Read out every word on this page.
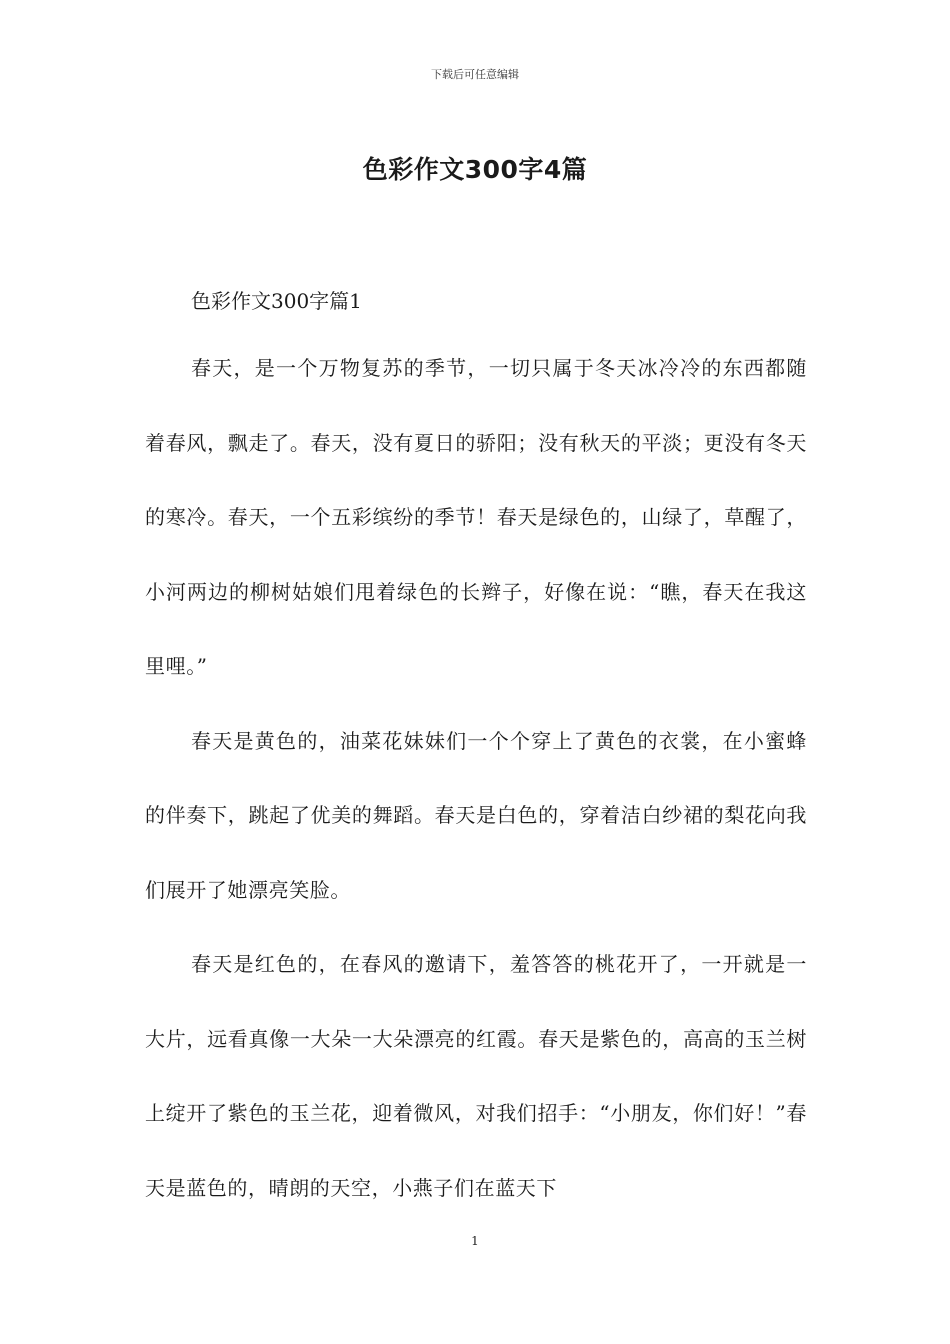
下载后可任意编辑
色彩作文300字4篇

色彩作文300字篇1

春天，是一个万物复苏的季节，一切只属于冬天冰冷冷的东西都随着春风，飘走了。春天，没有夏日的骄阳；没有秋天的平淡；更没有冬天的寒冷。春天，一个五彩缤纷的季节！春天是绿色的，山绿了，草醒了，小河两边的柳树姑娘们甩着绿色的长辫子，好像在说：“瞧，春天在我这里哩。”

春天是黄色的，油菜花妹妹们一个个穿上了黄色的衣裳，在小蜜蜂的伴奏下，跳起了优美的舞蹈。春天是白色的，穿着洁白纱裙的梨花向我们展开了她漂亮笑脸。

春天是红色的，在春风的邀请下，羞答答的桃花开了，一开就是一大片，远看真像一大朵一大朵漂亮的红霞。春天是紫色的，高高的玉兰树上绽开了紫色的玉兰花，迎着微风，对我们招手：“小朋友，你们好！”春天是蓝色的，晴朗的天空，小燕子们在蓝天下

1
